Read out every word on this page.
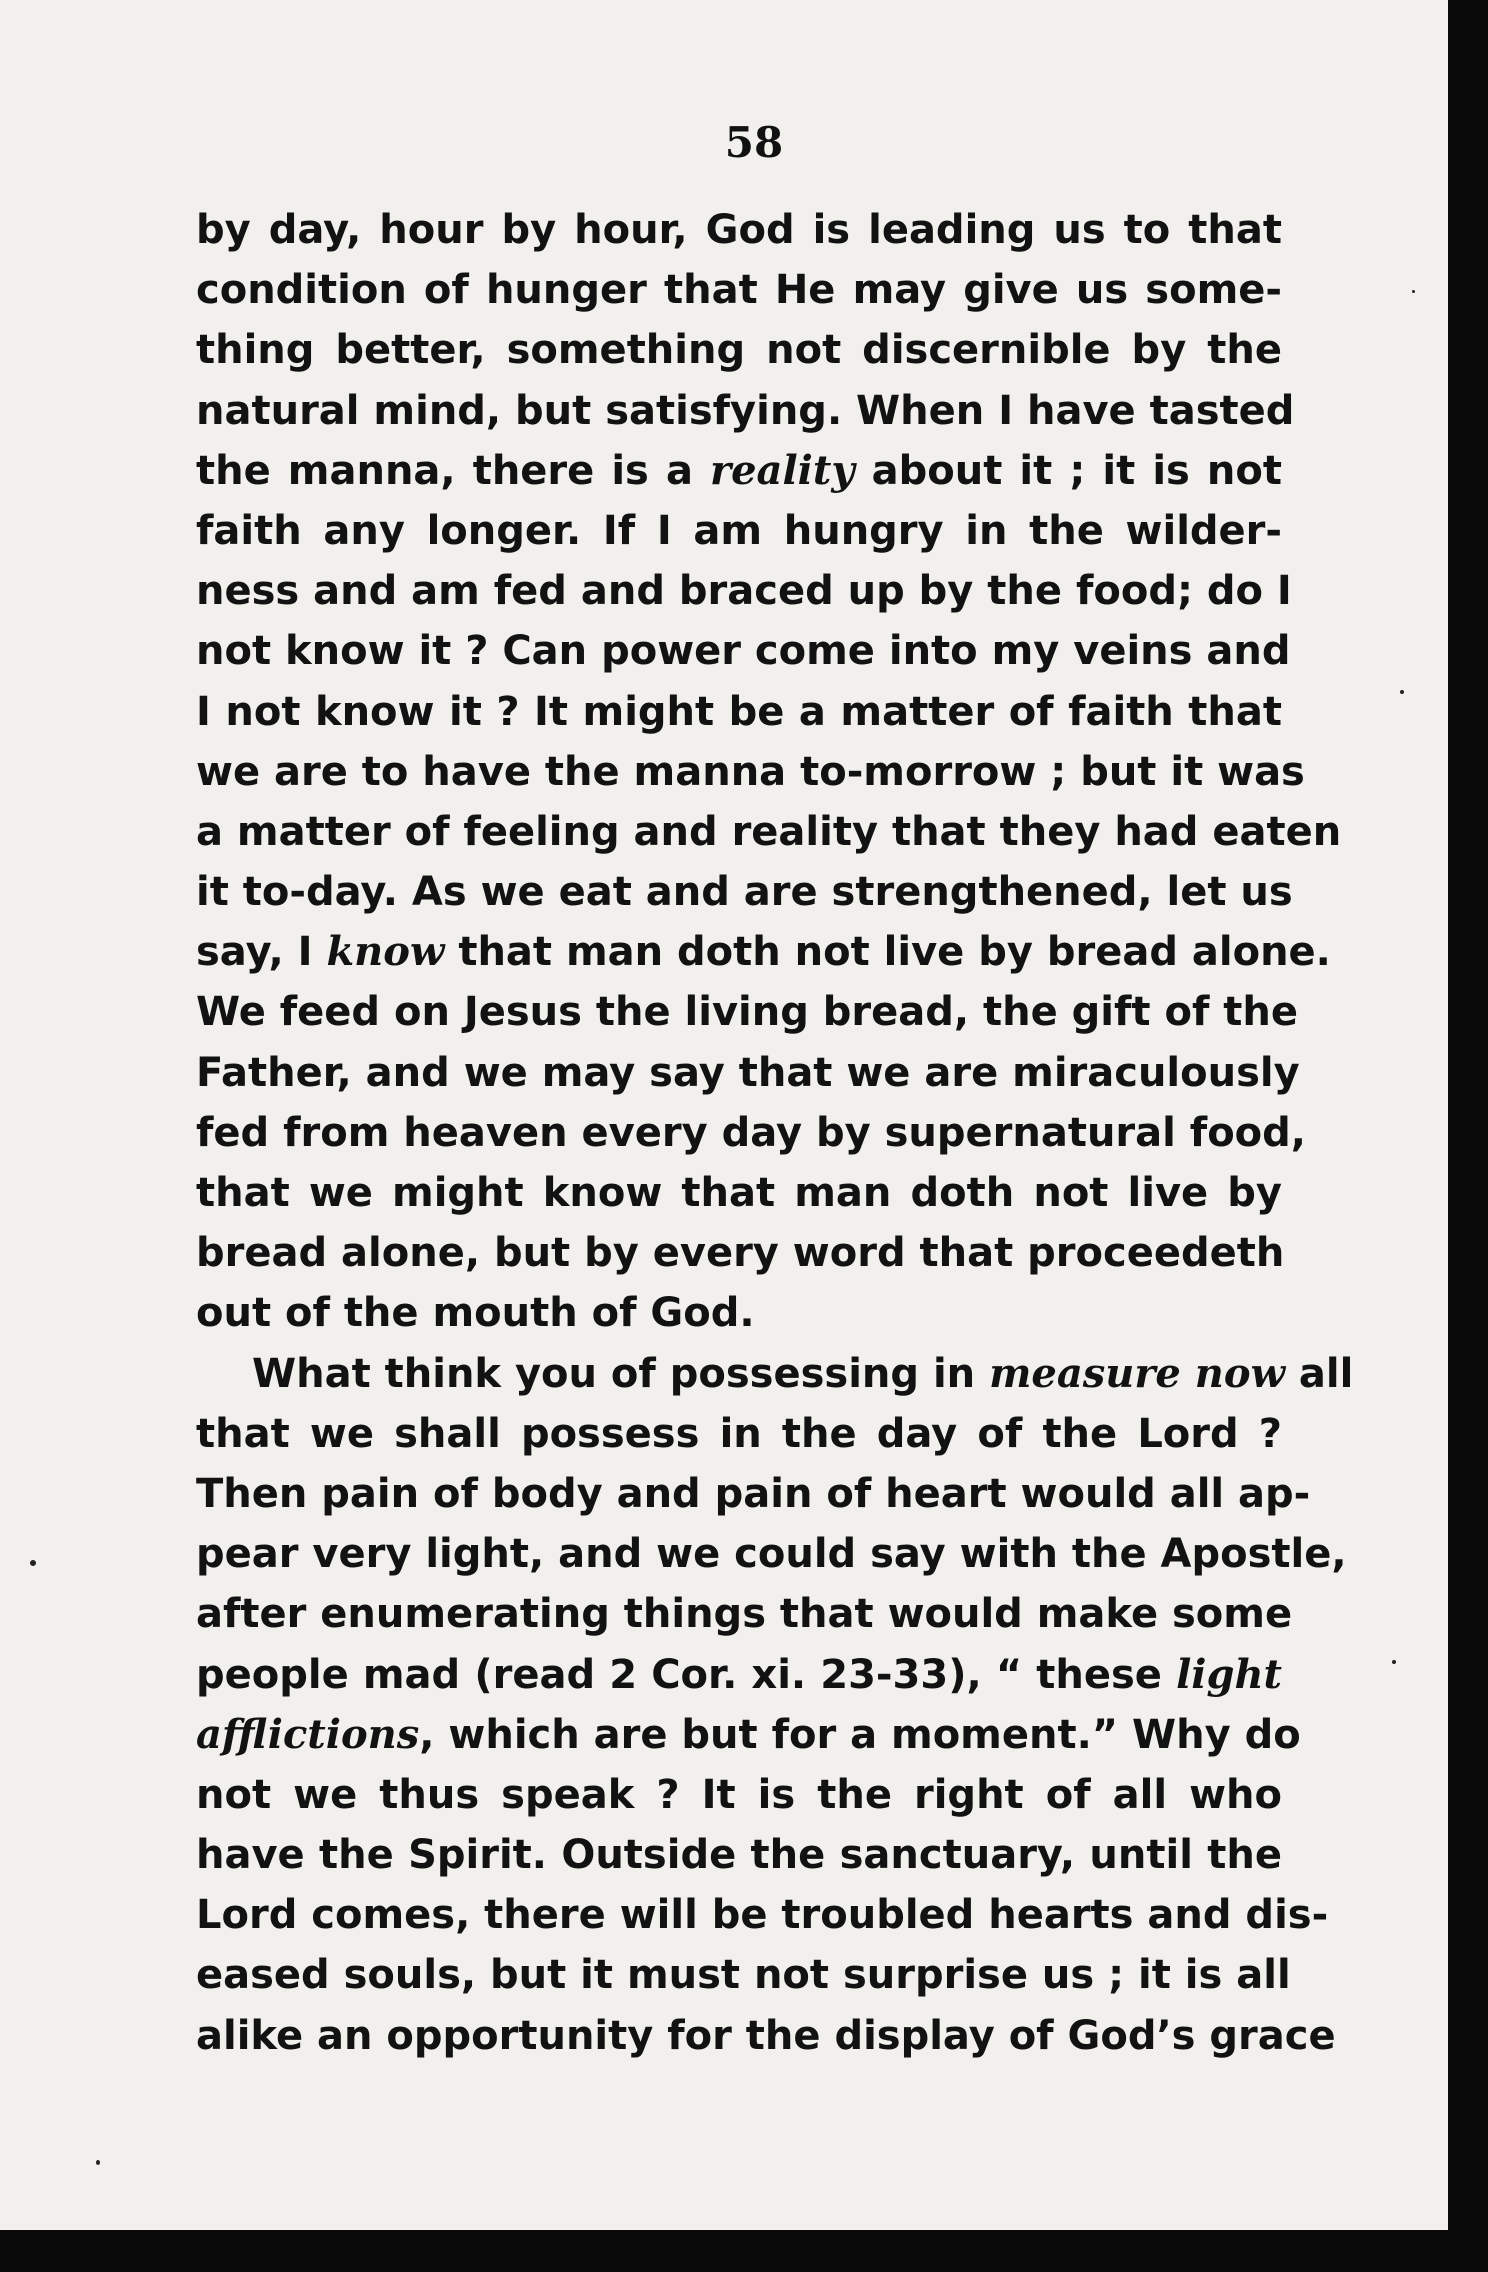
58
by day, hour by hour, God is leading us to that
condition of hunger that He may give us some-
thing better, something not discernible by the
natural mind, but satisfying. When I have tasted
the manna, there is a reality about it ; it is not
faith any longer. If I am hungry in the wilder-
ness and am fed and braced up by the food; do I
not know it ? Can power come into my veins and
I not know it ? It might be a matter of faith that
we are to have the manna to-morrow ; but it was
a matter of feeling and reality that they had eaten
it to-day. As we eat and are strengthened, let us
say, I know that man doth not live by bread alone.
We feed on Jesus the living bread, the gift of the
Father, and we may say that we are miraculously
fed from heaven every day by supernatural food,
that we might know that man doth not live by
bread alone, but by every word that proceedeth
out of the mouth of God.
What think you of possessing in measure now all
that we shall possess in the day of the Lord ?
Then pain of body and pain of heart would all ap-
pear very light, and we could say with the Apostle,
after enumerating things that would make some
people mad (read 2 Cor. xi. 23-33), “ these light
afflictions, which are but for a moment.” Why do
not we thus speak ? It is the right of all who
have the Spirit. Outside the sanctuary, until the
Lord comes, there will be troubled hearts and dis-
eased souls, but it must not surprise us ; it is all
alike an opportunity for the display of God’s grace
